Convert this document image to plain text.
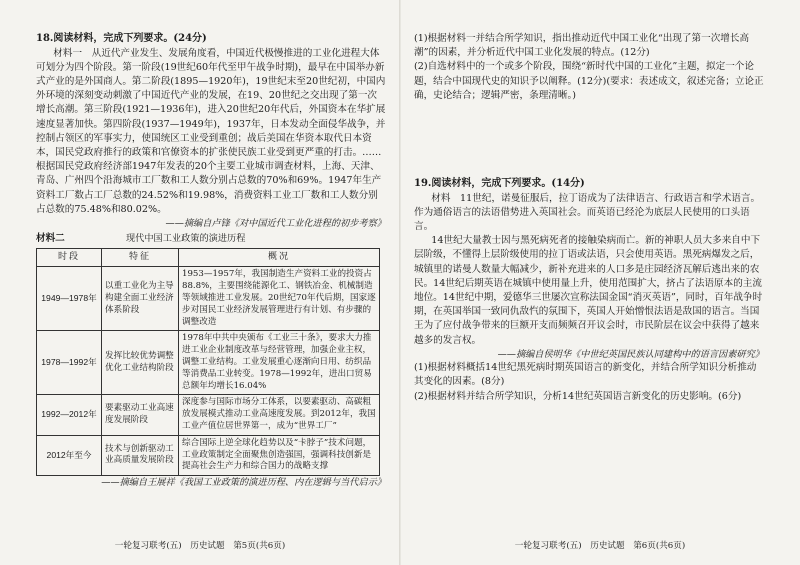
18.阅读材料，完成下列要求。(24分)

材料一　从近代产业发生、发展角度看，中国近代极慢推进的工业化进程大体可划分为四个阶段。第一阶段(19世纪60年代至甲午战争时期)，最早在中国举办新式产业的是外国商人。第二阶段(1895—1920年)，19世纪末至20世纪初，中国内外环境的深刻变动刺激了中国近代产业的发展，在19、20世纪之交出现了第一次增长高潮。第三阶段(1921—1936年)，进入20世纪20年代后，外国资本在华扩展速度显著加快。第四阶段(1937—1949年)，1937年，日本发动全面侵华战争，并控制占领区的军事实力，使国统区工业受到重创；战后美国在华资本取代日本资本，国民党政府推行的政策和官僚资本的扩张使民族工业受到更严重的打击。……根据国民党政府经济部1947年发表的20个主要工业城市调查材料，上海、天津、青岛、广州四个沿海城市工厂数和工人数分别占总数的70%和69%。1947年生产资料工厂数占工厂总数的24.52%和19.98%，消费资料工业工厂数和工人数分别占总数的75.48%和80.02%。

——摘编自卢锋《对中国近代工业化进程的初步考察》

材料二	现代中国工业政策的演进历程
时段	特征	概况
1949—1978年	以重工业化为主导构建全面工业经济体系阶段	1953—1957年，我国制造生产资料工业的投资占88.8%，主要围绕能源化工、钢铁冶金、机械制造等领域推进工业发展。20世纪70年代后期，国家逐步对国民工业经济发展管理进行有计划、有步骤的调整改造
1978—1992年	发挥比较优势调整优化工业结构阶段	1978年中共中央颁布《工业三十条》，要求大力推进工业企业制度改革与经营管理，加强企业主权，调整工业结构。工业发展重心逐渐向日用、纺织品等消费品工业转变。1978—1992年，进出口贸易总额年均增长16.04%
1992—2012年	要素驱动工业高速度发展阶段	深度参与国际市场分工体系，以要素驱动、高碳粗放发展模式推动工业高速度发展。到2012年，我国工业产值位居世界第一，成为“世界工厂”
2012年至今	技术与创新驱动工业高质量发展阶段	综合国际上逆全球化趋势以及“卡脖子”技术问题，工业政策制定全面聚焦创造强国，强调科技创新是提高社会生产力和综合国力的战略支撑

——摘编自王展祥《我国工业政策的演进历程、内在逻辑与当代启示》

一轮复习联考(五)　历史试题　第5页(共6页)

(1)根据材料一并结合所学知识，指出推动近代中国工业化“出现了第一次增长高潮”的因素，并分析近代中国工业化发展的特点。(12分)

(2)自选材料中的一个或多个阶段，围绕“新时代中国的工业化”主题，拟定一个论题，结合中国现代史的知识予以阐释。(12分)(要求：表述成文，叙述完备；立论正确，史论结合；逻辑严密，条理清晰。)

19.阅读材料，完成下列要求。(14分)

材料　11世纪，诺曼征服后，拉丁语成为了法律语言、行政语言和学术语言。作为通俗语言的法语借势进入英国社会。而英语已经沦为底层人民使用的口头语言。

14世纪大量教士因与黑死病死者的接触染病而亡。新的神职人员大多来自中下层阶级，不懂得上层阶级使用的拉丁语或法语，只会使用英语。黑死病爆发之后，城镇里的诺曼人数量大幅减少，新补充进来的人口多是庄园经济瓦解后逃出来的农民。14世纪后期英语在城镇中使用量上升，使用范围扩大，挤占了法语原本的主流地位。14世纪中期，爱德华三世屡次宣称法国金国“消灭英语”，同时，百年战争时期，在英国举国一致同仇敌忾的氛围下，英国人开始憎恨法语是敌国的语言。当国王为了应付战争带来的巨额开支而频频召开议会时，市民阶层在议会中获得了越来越多的发言权。

——摘编自侯明华《中世纪英国民族认同建构中的语言因素研究》

(1)根据材料概括14世纪黑死病时期英国语言的新变化，并结合所学知识分析推动其变化的因素。(8分)

(2)根据材料并结合所学知识，分析14世纪英国语言新变化的历史影响。(6分)

一轮复习联考(五)　历史试题　第6页(共6页)
